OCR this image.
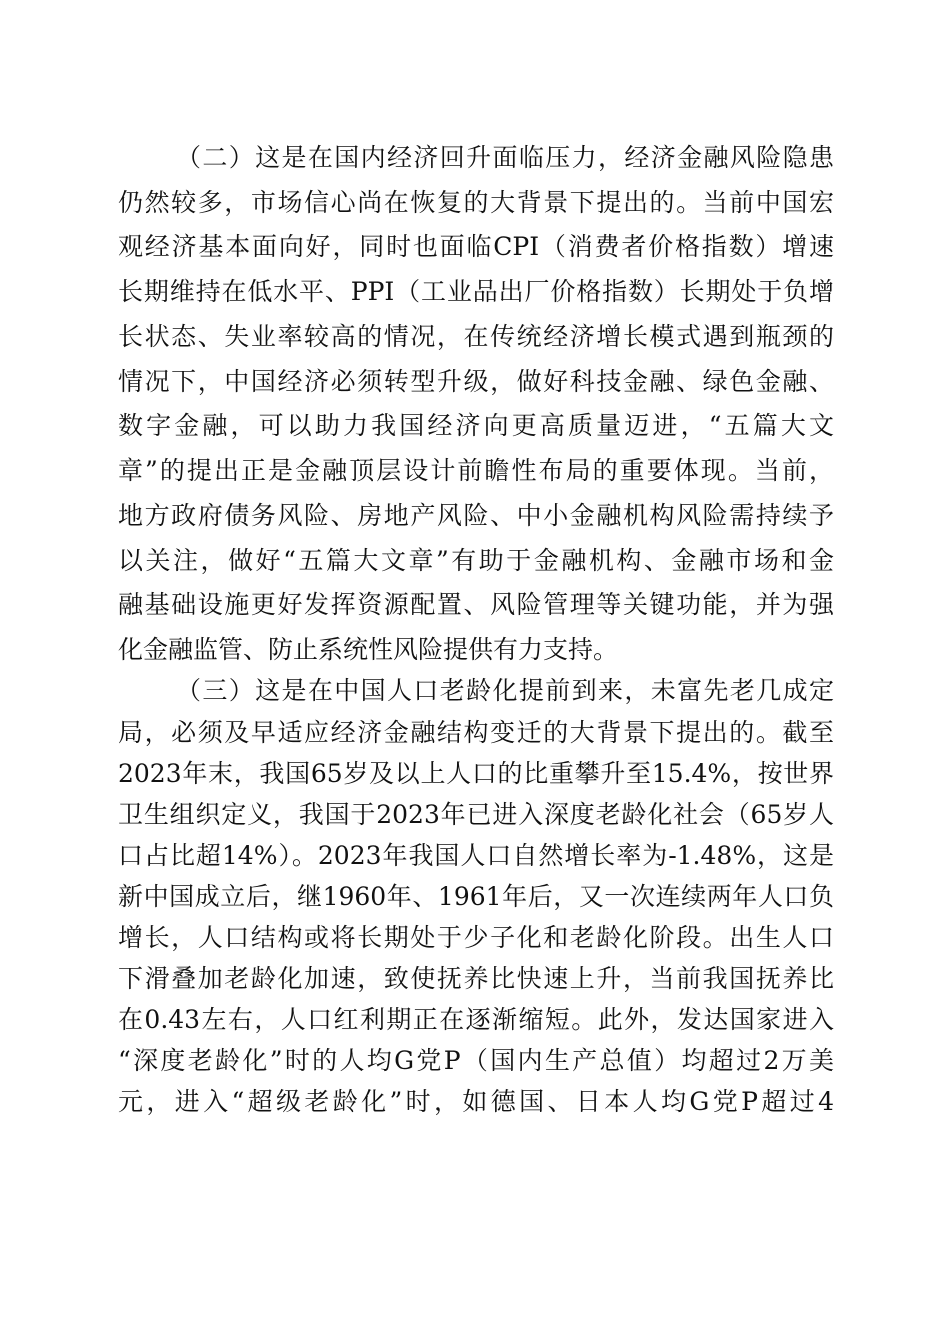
（二）这是在国内经济回升面临压力，经济金融风险隐患
仍然较多，市场信心尚在恢复的大背景下提出的。当前中国宏
观经济基本面向好，同时也面临CPI（消费者价格指数）增速
长期维持在低水平、PPI（工业品出厂价格指数）长期处于负增
长状态、失业率较高的情况，在传统经济增长模式遇到瓶颈的
情况下，中国经济必须转型升级，做好科技金融、绿色金融、
数字金融，可以助力我国经济向更高质量迈进，“五篇大文
章”的提出正是金融顶层设计前瞻性布局的重要体现。当前，
地方政府债务风险、房地产风险、中小金融机构风险需持续予
以关注，做好“五篇大文章”有助于金融机构、金融市场和金
融基础设施更好发挥资源配置、风险管理等关键功能，并为强
化金融监管、防止系统性风险提供有力支持。
（三）这是在中国人口老龄化提前到来，未富先老几成定
局，必须及早适应经济金融结构变迁的大背景下提出的。截至
2023年末，我国65岁及以上人口的比重攀升至15.4%，按世界
卫生组织定义，我国于2023年已进入深度老龄化社会（65岁人
口占比超14%）。2023年我国人口自然增长率为-1.48%，这是
新中国成立后，继1960年、1961年后，又一次连续两年人口负
增长，人口结构或将长期处于少子化和老龄化阶段。出生人口
下滑叠加老龄化加速，致使抚养比快速上升，当前我国抚养比
在0.43左右，人口红利期正在逐渐缩短。此外，发达国家进入
“深度老龄化”时的人均G党P（国内生产总值）均超过2万美
元，进入“超级老龄化”时，如德国、日本人均G党P超过4
